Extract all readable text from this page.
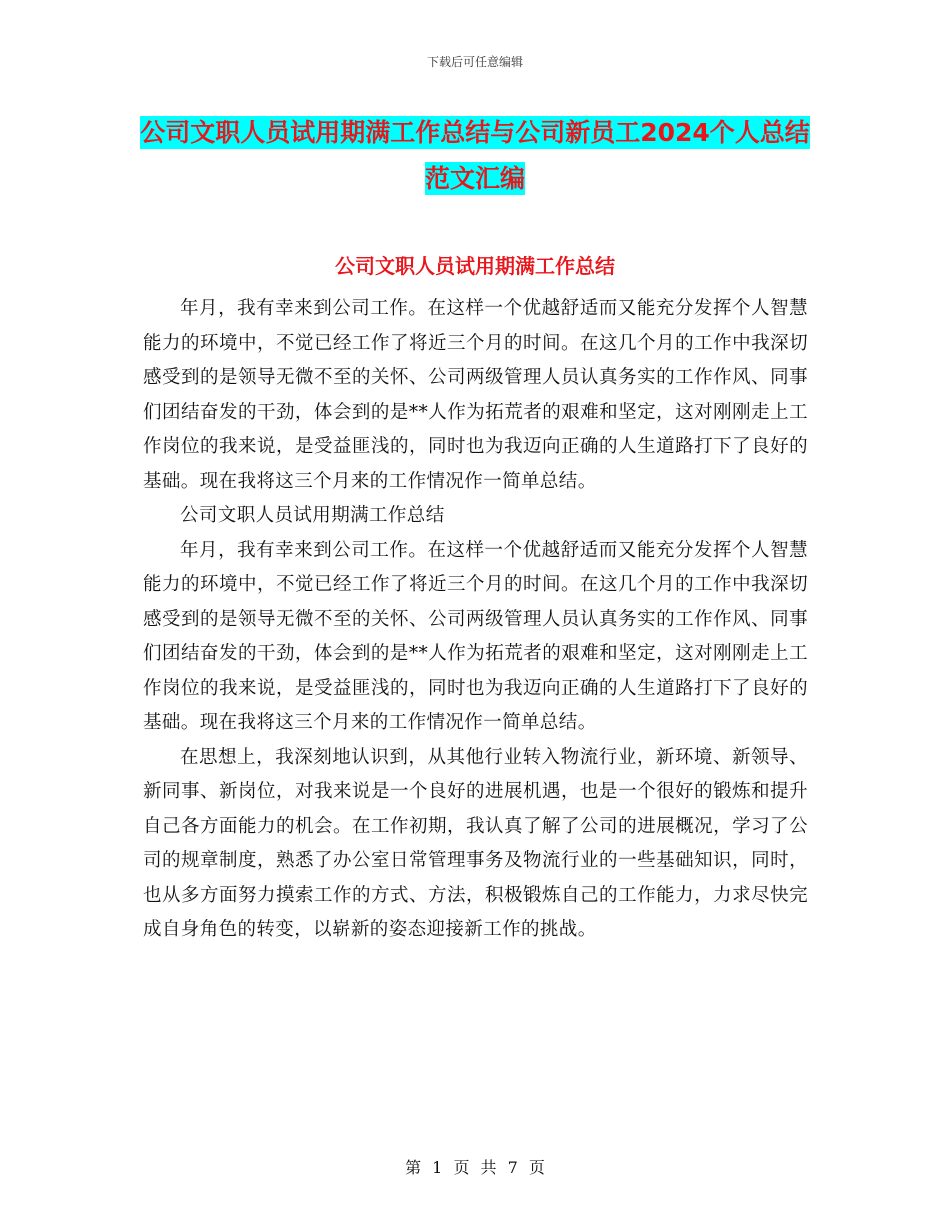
下载后可任意编辑
公司文职人员试用期满工作总结与公司新员工2024个人总结范文汇编
公司文职人员试用期满工作总结

年月，我有幸来到公司工作。在这样一个优越舒适而又能充分发挥个人智慧能力的环境中，不觉已经工作了将近三个月的时间。在这几个月的工作中我深切感受到的是领导无微不至的关怀、公司两级管理人员认真务实的工作作风、同事们团结奋发的干劲，体会到的是**人作为拓荒者的艰难和坚定，这对刚刚走上工作岗位的我来说，是受益匪浅的，同时也为我迈向正确的人生道路打下了良好的基础。现在我将这三个月来的工作情况作一简单总结。

公司文职人员试用期满工作总结

年月，我有幸来到公司工作。在这样一个优越舒适而又能充分发挥个人智慧能力的环境中，不觉已经工作了将近三个月的时间。在这几个月的工作中我深切感受到的是领导无微不至的关怀、公司两级管理人员认真务实的工作作风、同事们团结奋发的干劲，体会到的是**人作为拓荒者的艰难和坚定，这对刚刚走上工作岗位的我来说，是受益匪浅的，同时也为我迈向正确的人生道路打下了良好的基础。现在我将这三个月来的工作情况作一简单总结。

在思想上，我深刻地认识到，从其他行业转入物流行业，新环境、新领导、新同事、新岗位，对我来说是一个良好的进展机遇，也是一个很好的锻炼和提升自己各方面能力的机会。在工作初期，我认真了解了公司的进展概况，学习了公司的规章制度，熟悉了办公室日常管理事务及物流行业的一些基础知识，同时，也从多方面努力摸索工作的方式、方法，积极锻炼自己的工作能力，力求尽快完成自身角色的转变，以崭新的姿态迎接新工作的挑战。

第 1 页 共 7 页
